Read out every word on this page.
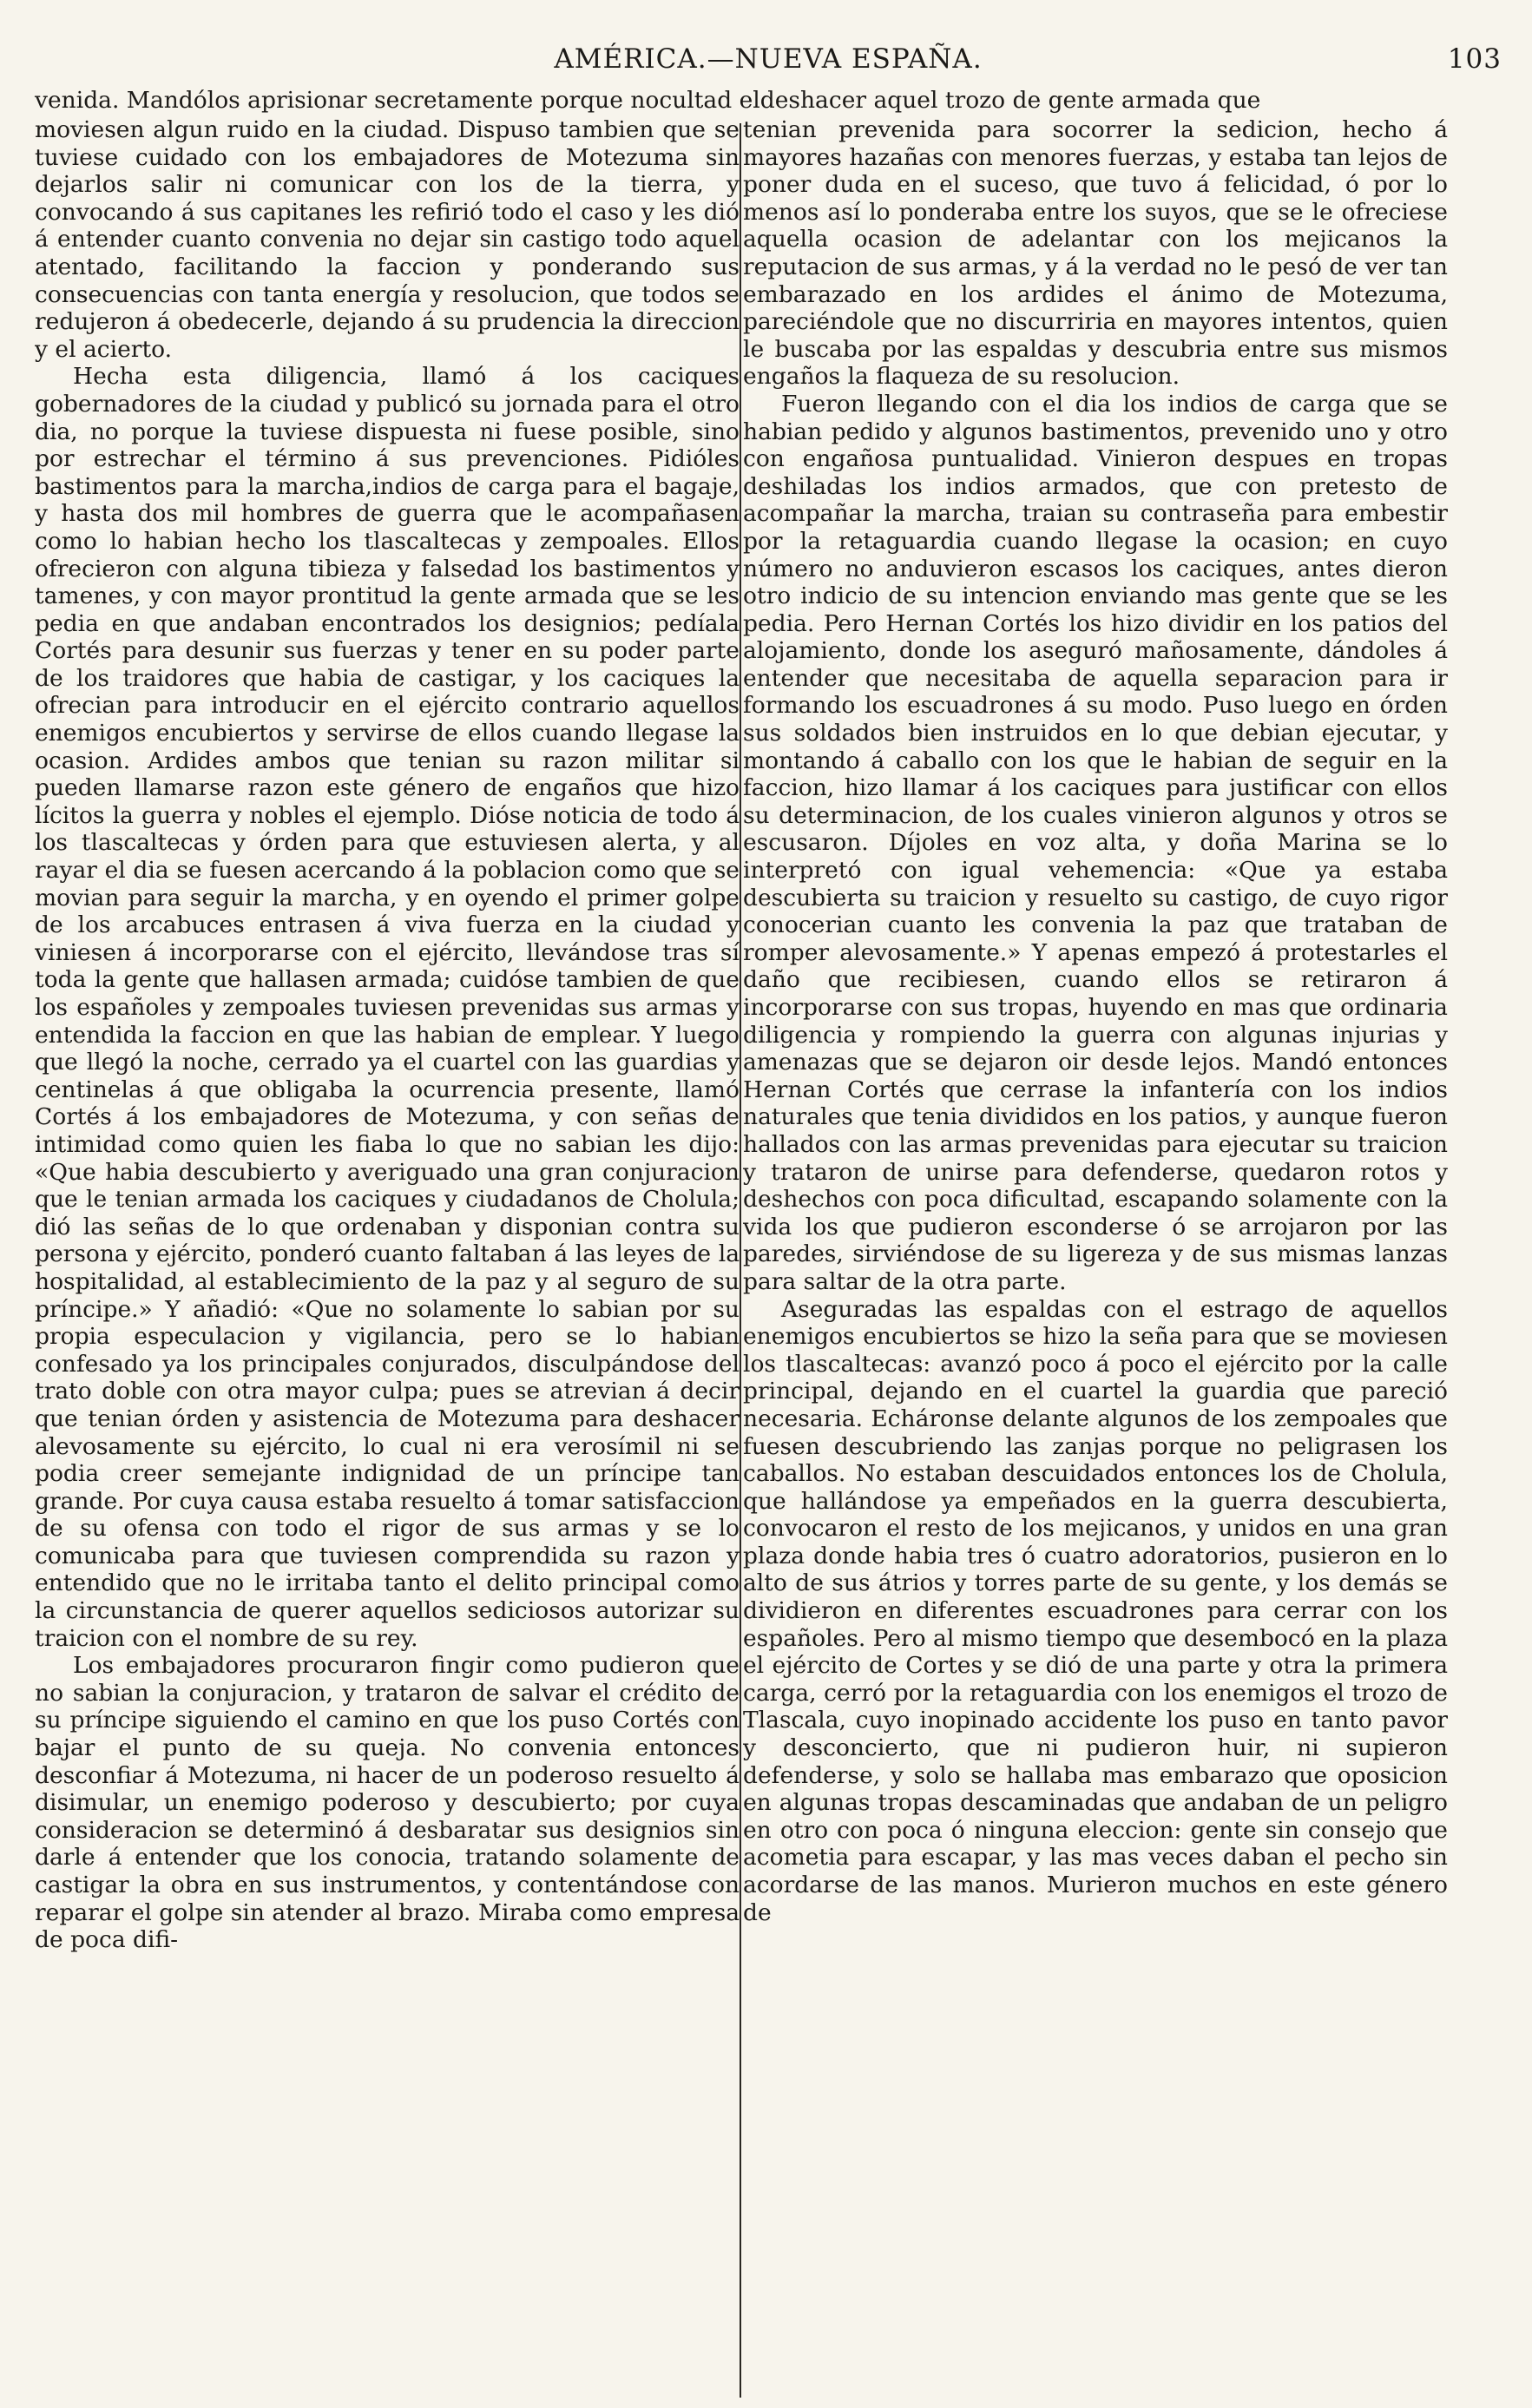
AMÉRICA.—NUEVA ESPAÑA.	103
venida. Mandólos aprisionar secretamente porque nocultad eldeshacer aquel trozo de gente armada que

moviesen algun ruido en la ciudad. Dispuso tambien que se tuviese cuidado con los embajadores de Motezuma sin dejarlos salir ni comunicar con los de la tierra, y convocando á sus capitanes les refirió todo el caso y les dió á entender cuanto convenia no dejar sin castigo todo aquel atentado, facilitando la faccion y ponderando sus consecuencias con tanta energía y resolucion, que todos se redujeron á obedecerle, dejando á su prudencia la direccion y el acierto.

Hecha esta diligencia, llamó á los caciques gobernadores de la ciudad y publicó su jornada para el otro dia, no porque la tuviese dispuesta ni fuese posible, sino por estrechar el término á sus prevenciones. Pidióles bastimentos para la marcha,indios de carga para el bagaje, y hasta dos mil hombres de guerra que le acompañasen como lo habian hecho los tlascaltecas y zempoales. Ellos ofrecieron con alguna tibieza y falsedad los bastimentos y tamenes, y con mayor prontitud la gente armada que se les pedia en que andaban encontrados los designios; pedíala Cortés para desunir sus fuerzas y tener en su poder parte de los traidores que habia de castigar, y los caciques la ofrecian para introducir en el ejército contrario aquellos enemigos encubiertos y servirse de ellos cuando llegase la ocasion. Ardides ambos que tenian su razon militar si pueden llamarse razon este género de engaños que hizo lícitos la guerra y nobles el ejemplo. Dióse noticia de todo á los tlascaltecas y órden para que estuviesen alerta, y al rayar el dia se fuesen acercando á la poblacion como que se movian para seguir la marcha, y en oyendo el primer golpe de los arcabuces entrasen á viva fuerza en la ciudad y viniesen á incorporarse con el ejército, llevándose tras sí toda la gente que hallasen armada; cuidóse tambien de que los españoles y zempoales tuviesen prevenidas sus armas y entendida la faccion en que las habian de emplear. Y luego que llegó la noche, cerrado ya el cuartel con las guardias y centinelas á que obligaba la ocurrencia presente, llamó Cortés á los embajadores de Motezuma, y con señas de intimidad como quien les fiaba lo que no sabian les dijo: «Que habia descubierto y averiguado una gran conjuracion que le tenian armada los caciques y ciudadanos de Cholula; dió las señas de lo que ordenaban y disponian contra su persona y ejército, ponderó cuanto faltaban á las leyes de la hospitalidad, al establecimiento de la paz y al seguro de su príncipe.» Y añadió: «Que no solamente lo sabian por su propia especulacion y vigilancia, pero se lo habian confesado ya los principales conjurados, disculpándose del trato doble con otra mayor culpa; pues se atrevian á decir que tenian órden y asistencia de Motezuma para deshacer alevosamente su ejército, lo cual ni era verosímil ni se podia creer semejante indignidad de un príncipe tan grande. Por cuya causa estaba resuelto á tomar satisfaccion de su ofensa con todo el rigor de sus armas y se lo comunicaba para que tuviesen comprendida su razon y entendido que no le irritaba tanto el delito principal como la circunstancia de querer aquellos sediciosos autorizar su traicion con el nombre de su rey.

Los embajadores procuraron fingir como pudieron que no sabian la conjuracion, y trataron de salvar el crédito de su príncipe siguiendo el camino en que los puso Cortés con bajar el punto de su queja. No convenia entonces desconfiar á Motezuma, ni hacer de un poderoso resuelto á disimular, un enemigo poderoso y descubierto; por cuya consideracion se determinó á desbaratar sus designios sin darle á entender que los conocia, tratando solamente de castigar la obra en sus instrumentos, y contentándose con reparar el golpe sin atender al brazo. Miraba como empresa de poca difi-

tenian prevenida para socorrer la sedicion, hecho á mayores hazañas con menores fuerzas, y estaba tan lejos de poner duda en el suceso, que tuvo á felicidad, ó por lo menos así lo ponderaba entre los suyos, que se le ofreciese aquella ocasion de adelantar con los mejicanos la reputacion de sus armas, y á la verdad no le pesó de ver tan embarazado en los ardides el ánimo de Motezuma, pareciéndole que no discurriria en mayores intentos, quien le buscaba por las espaldas y descubria entre sus mismos engaños la flaqueza de su resolucion.

Fueron llegando con el dia los indios de carga que se habian pedido y algunos bastimentos, prevenido uno y otro con engañosa puntualidad. Vinieron despues en tropas deshiladas los indios armados, que con pretesto de acompañar la marcha, traian su contraseña para embestir por la retaguardia cuando llegase la ocasion; en cuyo número no anduvieron escasos los caciques, antes dieron otro indicio de su intencion enviando mas gente que se les pedia. Pero Hernan Cortés los hizo dividir en los patios del alojamiento, donde los aseguró mañosamente, dándoles á entender que necesitaba de aquella separacion para ir formando los escuadrones á su modo. Puso luego en órden sus soldados bien instruidos en lo que debian ejecutar, y montando á caballo con los que le habian de seguir en la faccion, hizo llamar á los caciques para justificar con ellos su determinacion, de los cuales vinieron algunos y otros se escusaron. Díjoles en voz alta, y doña Marina se lo interpretó con igual vehemencia: «Que ya estaba descubierta su traicion y resuelto su castigo, de cuyo rigor conocerian cuanto les convenia la paz que trataban de romper alevosamente.» Y apenas empezó á protestarles el daño que recibiesen, cuando ellos se retiraron á incorporarse con sus tropas, huyendo en mas que ordinaria diligencia y rompiendo la guerra con algunas injurias y amenazas que se dejaron oir desde lejos. Mandó entonces Hernan Cortés que cerrase la infantería con los indios naturales que tenia divididos en los patios, y aunque fueron hallados con las armas prevenidas para ejecutar su traicion y trataron de unirse para defenderse, quedaron rotos y deshechos con poca dificultad, escapando solamente con la vida los que pudieron esconderse ó se arrojaron por las paredes, sirviéndose de su ligereza y de sus mismas lanzas para saltar de la otra parte.

Aseguradas las espaldas con el estrago de aquellos enemigos encubiertos se hizo la seña para que se moviesen los tlascaltecas: avanzó poco á poco el ejército por la calle principal, dejando en el cuartel la guardia que pareció necesaria. Echáronse delante algunos de los zempoales que fuesen descubriendo las zanjas porque no peligrasen los caballos. No estaban descuidados entonces los de Cholula, que hallándose ya empeñados en la guerra descubierta, convocaron el resto de los mejicanos, y unidos en una gran plaza donde habia tres ó cuatro adoratorios, pusieron en lo alto de sus átrios y torres parte de su gente, y los demás se dividieron en diferentes escuadrones para cerrar con los españoles. Pero al mismo tiempo que desembocó en la plaza el ejército de Cortes y se dió de una parte y otra la primera carga, cerró por la retaguardia con los enemigos el trozo de Tlascala, cuyo inopinado accidente los puso en tanto pavor y desconcierto, que ni pudieron huir, ni supieron defenderse, y solo se hallaba mas embarazo que oposicion en algunas tropas descaminadas que andaban de un peligro en otro con poca ó ninguna eleccion: gente sin consejo que acometia para escapar, y las mas veces daban el pecho sin acordarse de las manos. Murieron muchos en este género de
